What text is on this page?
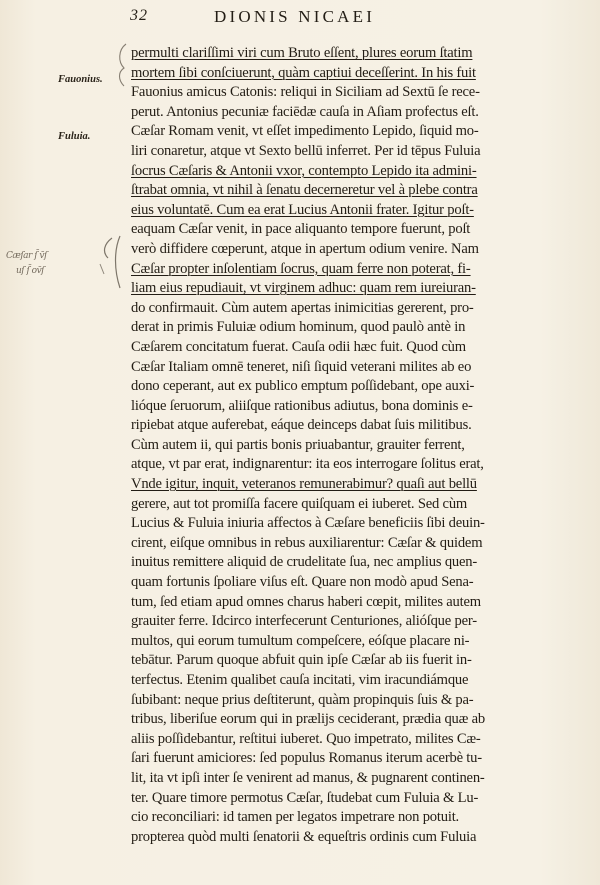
32	DIONIS NICAEI
Fauonius.
Fuluia.
Cæſar ſ̄ v̄ſ
uſ ſ̄ ov̄ſ
permulti clariſſimi viri cum Bruto eſſent, plures eorum ſtatim
mortem ſibi conſciuerunt, quàm captiui deceſſerint. In his fuit
Fauonius amicus Catonis: reliqui in Siciliam ad Sextū ſe rece-
perut. Antonius pecuniæ faciēdæ cauſa in Aſiam profectus eſt.
Cæſar Romam venit, vt eſſet impedimento Lepido, ſiquid mo-
liri conaretur, atque vt Sexto bellū inferret. Per id tēpus Fuluia
ſocrus Cæſaris & Antonii vxor, contempto Lepido ita admini-
ſtrabat omnia, vt nihil à ſenatu decerneretur vel à plebe contra
eius voluntatē. Cum ea erat Lucius Antonii frater. Igitur poſt-
eaquam Cæſar venit, in pace aliquanto tempore fuerunt, poſt
verò diffidere cœperunt, atque in apertum odium venire. Nam
Cæſar propter inſolentiam ſocrus, quam ferre non poterat, fi-
liam eius repudiauit, vt virginem adhuc: quam rem iureiuran-
do confirmauit. Cùm autem apertas inimicitias gererent, pro-
derat in primis Fuluiæ odium hominum, quod paulò antè in
Cæſarem concitatum fuerat. Cauſa odii hæc fuit. Quod cùm
Cæſar Italiam omnē teneret, niſi ſiquid veterani milites ab eo
dono ceperant, aut ex publico emptum poſſidebant, ope auxi-
lióque ſeruorum, aliiſque rationibus adiutus, bona dominis e-
ripiebat atque auferebat, eáque deinceps dabat ſuis militibus.
Cùm autem ii, qui partis bonis priuabantur, grauiter ferrent,
atque, vt par erat, indignarentur: ita eos interrogare ſolitus erat,
Vnde igitur, inquit, veteranos remunerabimur? quaſi aut bellū
gerere, aut tot promiſſa facere quiſquam ei iuberet. Sed cùm
Lucius & Fuluia iniuria affectos à Cæſare beneficiis ſibi deuin-
cirent, eiſque omnibus in rebus auxiliarentur: Cæſar & quidem
inuitus remittere aliquid de crudelitate ſua, nec amplius quen-
quam fortunis ſpoliare viſus eſt. Quare non modò apud Sena-
tum, ſed etiam apud omnes charus haberi cœpit, milites autem
grauiter ferre. Idcirco interfecerunt Centuriones, alióſque per-
multos, qui eorum tumultum compeſcere, eóſque placare ni-
tebātur. Parum quoque abfuit quin ipſe Cæſar ab iis fuerit in-
terfectus. Etenim qualibet cauſa incitati, vim iracundiámque
ſubibant: neque prius deſtiterunt, quàm propinquis ſuis & pa-
tribus, liberiſue eorum qui in prælijs ceciderant, prædia quæ ab
aliis poſſidebantur, reſtitui iuberet. Quo impetrato, milites Cæ-
ſari fuerunt amiciores: ſed populus Romanus iterum acerbè tu-
lit, ita vt ipſi inter ſe venirent ad manus, & pugnarent continen-
ter. Quare timore permotus Cæſar, ſtudebat cum Fuluia & Lu-
cio reconciliari: id tamen per legatos impetrare non potuit.
propterea quòd multi ſenatorii & equeſtris ordinis cum Fuluia
